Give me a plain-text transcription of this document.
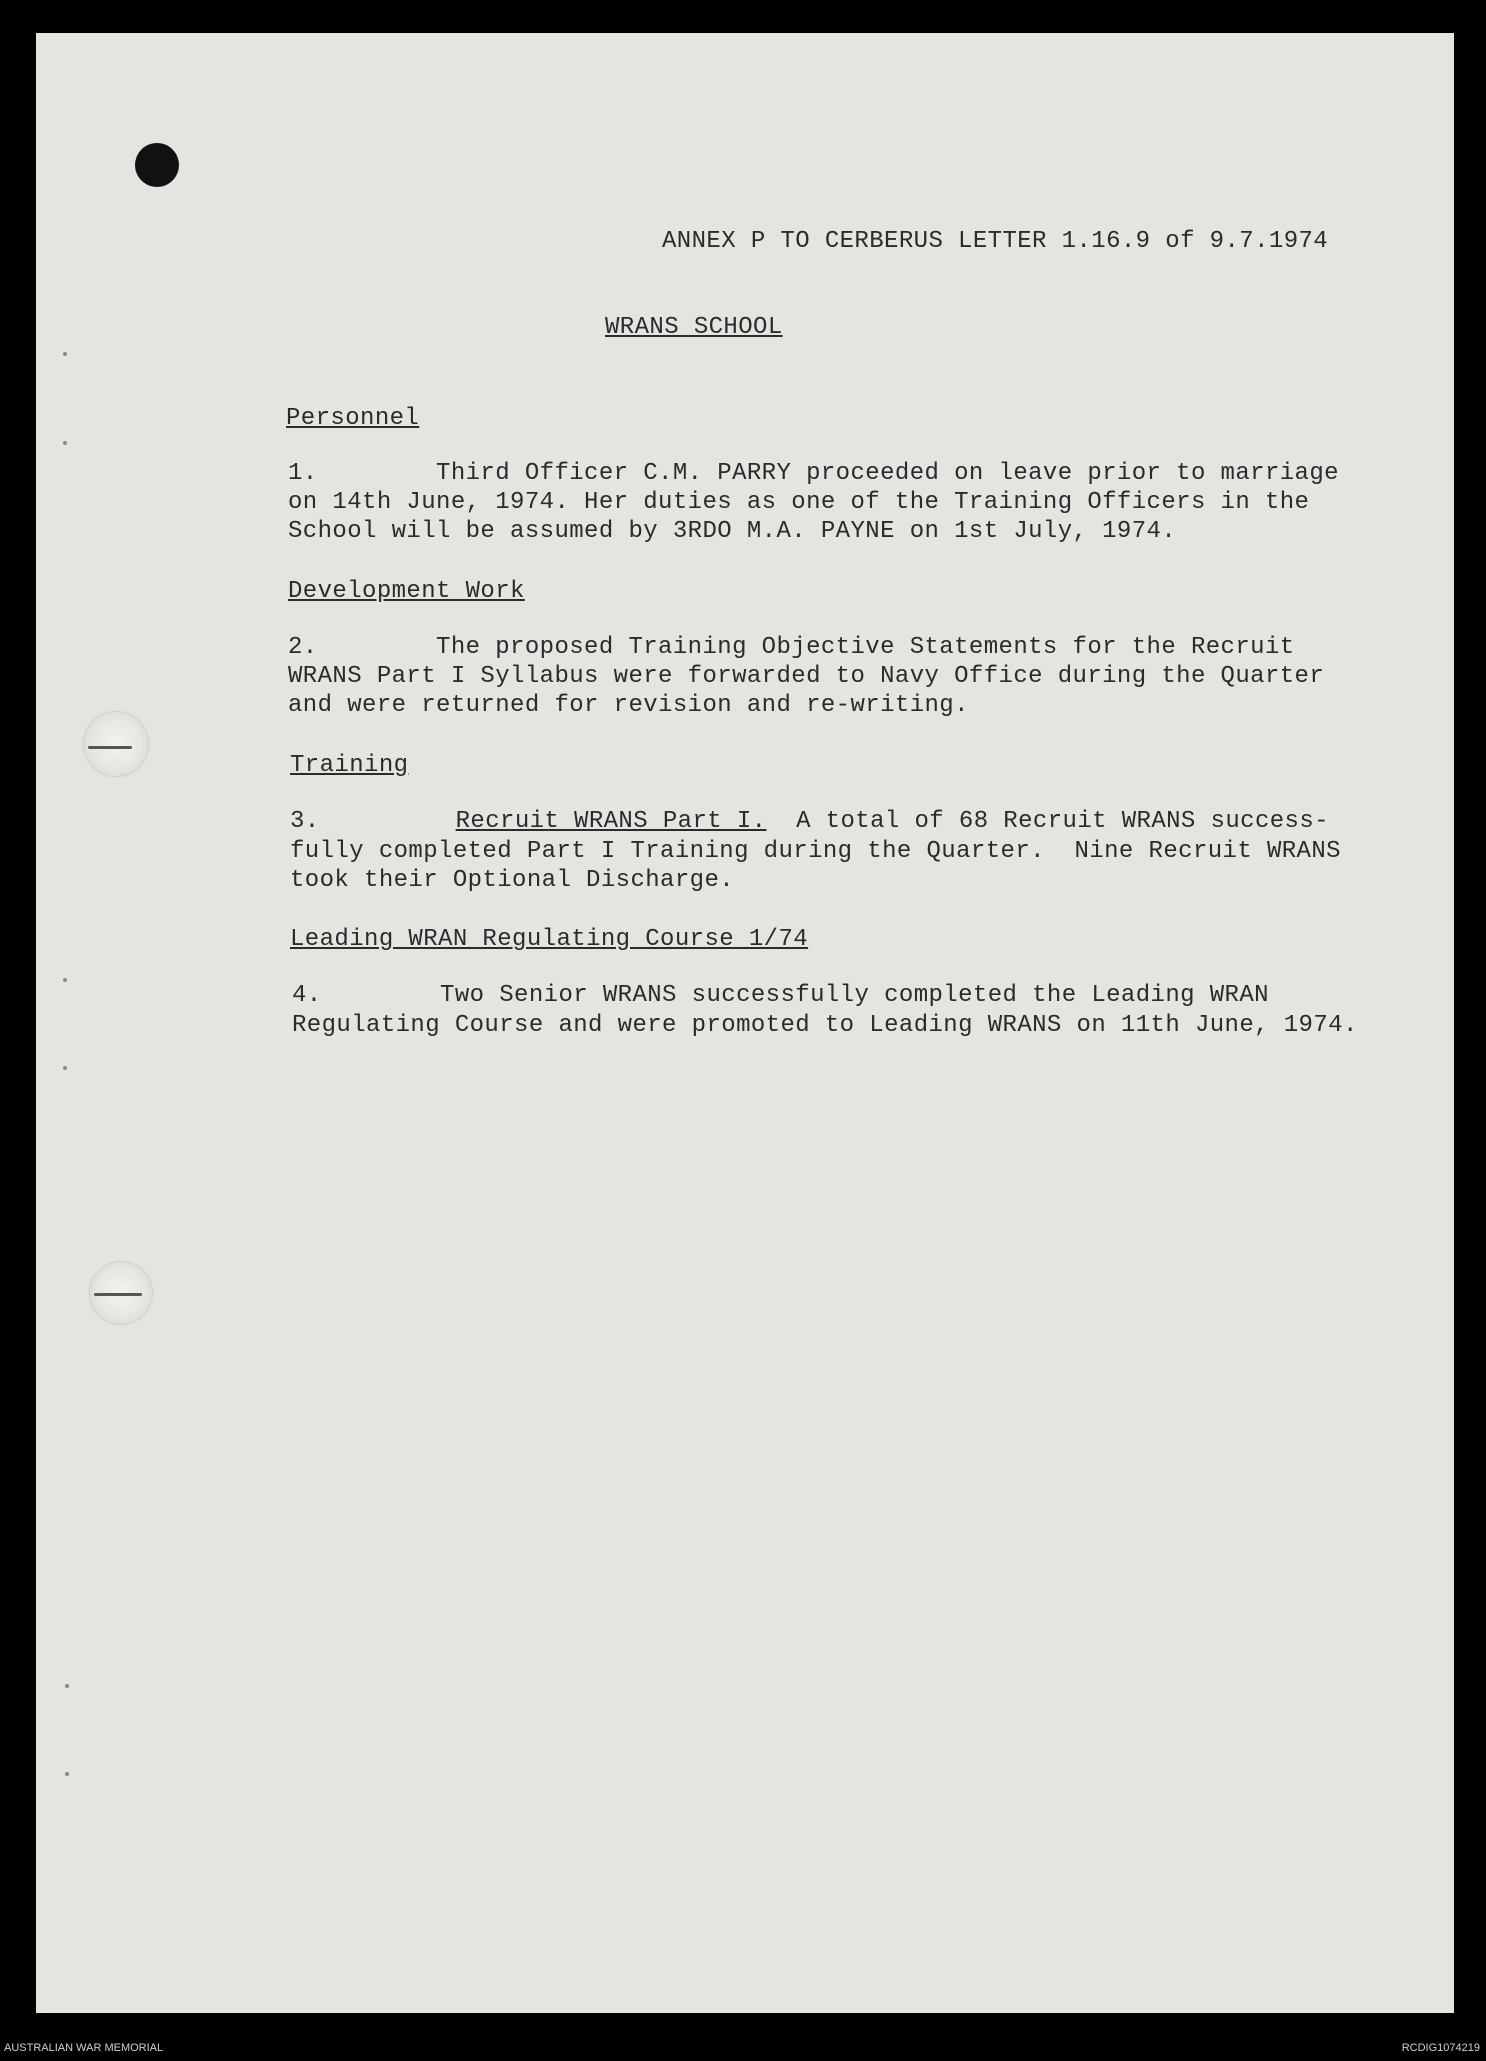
ANNEX P TO CERBERUS LETTER 1.16.9 of 9.7.1974
WRANS SCHOOL
Personnel
1.        Third Officer C.M. PARRY proceeded on leave prior to marriage
on 14th June, 1974. Her duties as one of the Training Officers in the
School will be assumed by 3RDO M.A. PAYNE on 1st July, 1974.
Development Work
2.        The proposed Training Objective Statements for the Recruit
WRANS Part I Syllabus were forwarded to Navy Office during the Quarter
and were returned for revision and re-writing.
Training
3.	Recruit WRANS Part I.  A total of 68 Recruit WRANS success-
fully completed Part I Training during the Quarter.  Nine Recruit WRANS
took their Optional Discharge.
Leading WRAN Regulating Course 1/74
4.        Two Senior WRANS successfully completed the Leading WRAN
Regulating Course and were promoted to Leading WRANS on 11th June, 1974.
AUSTRALIAN WAR MEMORIAL	RCDIG1074219
